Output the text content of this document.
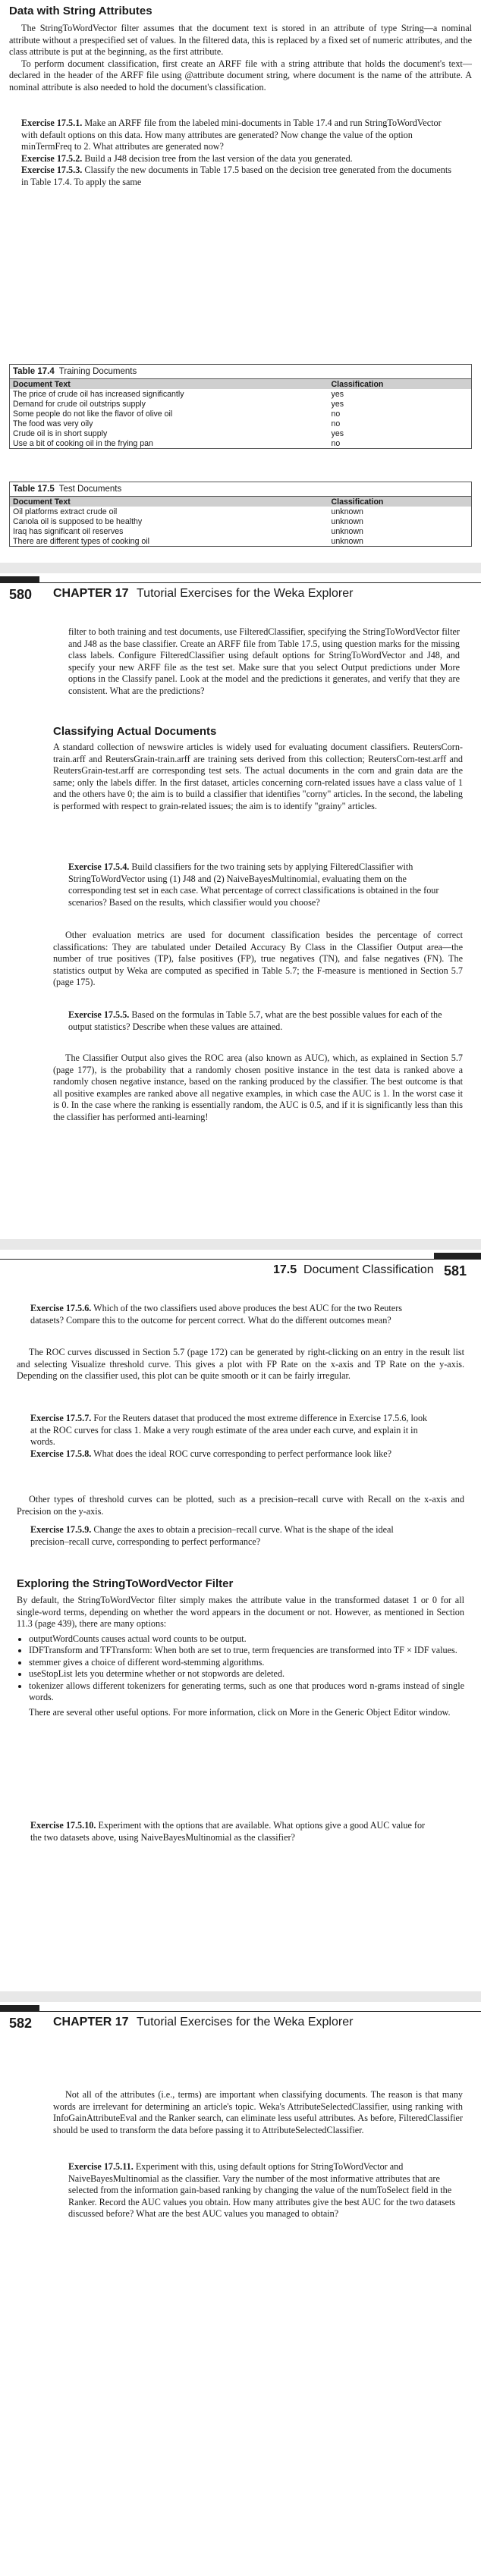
Data with String Attributes

The StringToWordVector filter assumes that the document text is stored in an attribute of type String—a nominal attribute without a prespecified set of values. In the filtered data, this is replaced by a fixed set of numeric attributes, and the class attribute is put at the beginning, as the first attribute.

To perform document classification, first create an ARFF file with a string attribute that holds the document's text—declared in the header of the ARFF file using @attribute document string, where document is the name of the attribute. A nominal attribute is also needed to hold the document's classification.

Exercise 17.5.1. Make an ARFF file from the labeled mini-documents in Table 17.4 and run StringToWordVector with default options on this data. How many attributes are generated? Now change the value of the option minTermFreq to 2. What attributes are generated now?

Exercise 17.5.2. Build a J48 decision tree from the last version of the data you generated.

Exercise 17.5.3. Classify the new documents in Table 17.5 based on the decision tree generated from the documents in Table 17.4. To apply the same

Table 17.4 Training Documents
Document Text	Classification
The price of crude oil has increased significantly	yes
Demand for crude oil outstrips supply	yes
Some people do not like the flavor of olive oil	no
The food was very oily	no
Crude oil is in short supply	yes
Use a bit of cooking oil in the frying pan	no
Table 17.5 Test Documents
Document Text	Classification
Oil platforms extract crude oil	unknown
Canola oil is supposed to be healthy	unknown
Iraq has significant oil reserves	unknown
There are different types of cooking oil	unknown
580 CHAPTER 17 Tutorial Exercises for the Weka Explorer

filter to both training and test documents, use FilteredClassifier, specifying the StringToWordVector filter and J48 as the base classifier. Create an ARFF file from Table 17.5, using question marks for the missing class labels. Configure FilteredClassifier using default options for StringToWordVector and J48, and specify your new ARFF file as the test set. Make sure that you select Output predictions under More options in the Classify panel. Look at the model and the predictions it generates, and verify that they are consistent. What are the predictions?

Classifying Actual Documents

A standard collection of newswire articles is widely used for evaluating document classifiers. ReutersCorn-train.arff and ReutersGrain-train.arff are training sets derived from this collection; ReutersCorn-test.arff and ReutersGrain-test.arff are corresponding test sets. The actual documents in the corn and grain data are the same; only the labels differ. In the first dataset, articles concerning corn-related issues have a class value of 1 and the others have 0; the aim is to build a classifier that identifies "corny" articles. In the second, the labeling is performed with respect to grain-related issues; the aim is to identify "grainy" articles.

Exercise 17.5.4. Build classifiers for the two training sets by applying FilteredClassifier with StringToWordVector using (1) J48 and (2) NaiveBayesMultinomial, evaluating them on the corresponding test set in each case. What percentage of correct classifications is obtained in the four scenarios? Based on the results, which classifier would you choose?

Other evaluation metrics are used for document classification besides the percentage of correct classifications: They are tabulated under Detailed Accuracy By Class in the Classifier Output area—the number of true positives (TP), false positives (FP), true negatives (TN), and false negatives (FN). The statistics output by Weka are computed as specified in Table 5.7; the F-measure is mentioned in Section 5.7 (page 175).

Exercise 17.5.5. Based on the formulas in Table 5.7, what are the best possible values for each of the output statistics? Describe when these values are attained.

The Classifier Output also gives the ROC area (also known as AUC), which, as explained in Section 5.7 (page 177), is the probability that a randomly chosen positive instance in the test data is ranked above a randomly chosen negative instance, based on the ranking produced by the classifier. The best outcome is that all positive examples are ranked above all negative examples, in which case the AUC is 1. In the worst case it is 0. In the case where the ranking is essentially random, the AUC is 0.5, and if it is significantly less than this the classifier has performed anti-learning!

17.5 Document Classification 581

Exercise 17.5.6. Which of the two classifiers used above produces the best AUC for the two Reuters datasets? Compare this to the outcome for percent correct. What do the different outcomes mean?

The ROC curves discussed in Section 5.7 (page 172) can be generated by right-clicking on an entry in the result list and selecting Visualize threshold curve. This gives a plot with FP Rate on the x-axis and TP Rate on the y-axis. Depending on the classifier used, this plot can be quite smooth or it can be fairly irregular.

Exercise 17.5.7. For the Reuters dataset that produced the most extreme difference in Exercise 17.5.6, look at the ROC curves for class 1. Make a very rough estimate of the area under each curve, and explain it in words.

Exercise 17.5.8. What does the ideal ROC curve corresponding to perfect performance look like?

Other types of threshold curves can be plotted, such as a precision–recall curve with Recall on the x-axis and Precision on the y-axis.

Exercise 17.5.9. Change the axes to obtain a precision–recall curve. What is the shape of the ideal precision–recall curve, corresponding to perfect performance?

Exploring the StringToWordVector Filter

By default, the StringToWordVector filter simply makes the attribute value in the transformed dataset 1 or 0 for all single-word terms, depending on whether the word appears in the document or not. However, as mentioned in Section 11.3 (page 439), there are many options:

• outputWordCounts causes actual word counts to be output.
• IDFTransform and TFTransform: When both are set to true, term frequencies are transformed into TF × IDF values.
• stemmer gives a choice of different word-stemming algorithms.
• useStopList lets you determine whether or not stopwords are deleted.
• tokenizer allows different tokenizers for generating terms, such as one that produces word n-grams instead of single words.

There are several other useful options. For more information, click on More in the Generic Object Editor window.

Exercise 17.5.10. Experiment with the options that are available. What options give a good AUC value for the two datasets above, using NaiveBayesMultinomial as the classifier?

582 CHAPTER 17 Tutorial Exercises for the Weka Explorer

Not all of the attributes (i.e., terms) are important when classifying documents. The reason is that many words are irrelevant for determining an article's topic. Weka's AttributeSelectedClassifier, using ranking with InfoGainAttributeEval and the Ranker search, can eliminate less useful attributes. As before, FilteredClassifier should be used to transform the data before passing it to AttributeSelectedClassifier.

Exercise 17.5.11. Experiment with this, using default options for StringToWordVector and NaiveBayesMultinomial as the classifier. Vary the number of the most informative attributes that are selected from the information gain-based ranking by changing the value of the numToSelect field in the Ranker. Record the AUC values you obtain. How many attributes give the best AUC for the two datasets discussed before? What are the best AUC values you managed to obtain?
